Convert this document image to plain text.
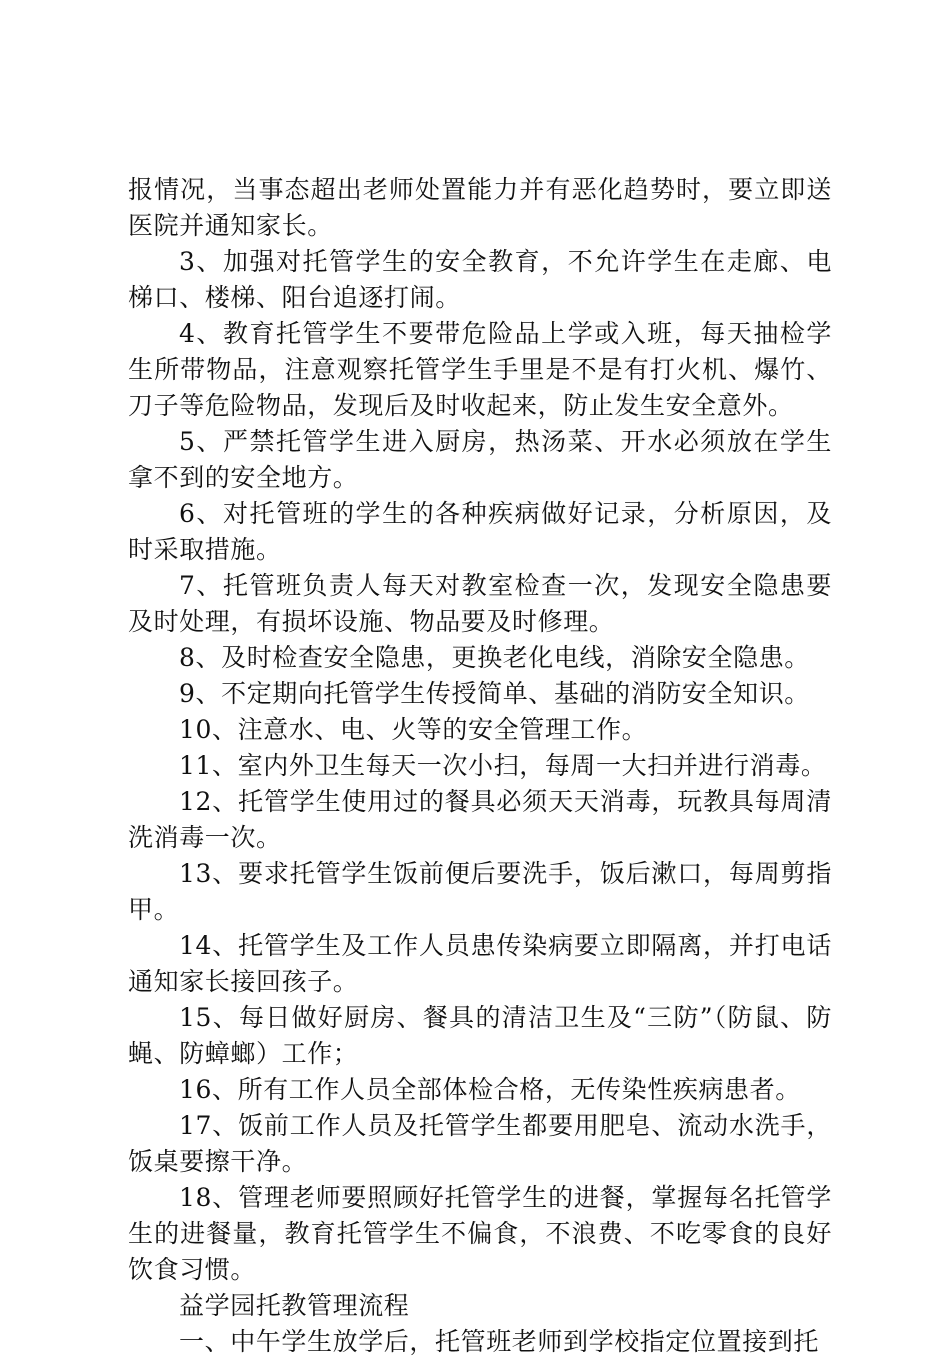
报情况，当事态超出老师处置能力并有恶化趋势时，要立即送医院并通知家长。

3、加强对托管学生的安全教育，不允许学生在走廊、电梯口、楼梯、阳台追逐打闹。

4、教育托管学生不要带危险品上学或入班，每天抽检学生所带物品，注意观察托管学生手里是不是有打火机、爆竹、刀子等危险物品，发现后及时收起来，防止发生安全意外。

5、严禁托管学生进入厨房，热汤菜、开水必须放在学生拿不到的安全地方。

6、对托管班的学生的各种疾病做好记录，分析原因，及时采取措施。

7、托管班负责人每天对教室检查一次，发现安全隐患要及时处理，有损坏设施、物品要及时修理。

8、及时检查安全隐患，更换老化电线，消除安全隐患。

9、不定期向托管学生传授简单、基础的消防安全知识。

10、注意水、电、火等的安全管理工作。

11、室内外卫生每天一次小扫，每周一大扫并进行消毒。

12、托管学生使用过的餐具必须天天消毒，玩教具每周清洗消毒一次。

13、要求托管学生饭前便后要洗手，饭后漱口，每周剪指甲。

14、托管学生及工作人员患传染病要立即隔离，并打电话通知家长接回孩子。

15、每日做好厨房、餐具的清洁卫生及“三防”（防鼠、防蝇、防蟑螂）工作；

16、所有工作人员全部体检合格，无传染性疾病患者。

17、饭前工作人员及托管学生都要用肥皂、流动水洗手，饭桌要擦干净。

18、管理老师要照顾好托管学生的进餐，掌握每名托管学生的进餐量，教育托管学生不偏食，不浪费、不吃零食的良好饮食习惯。

益学园托教管理流程

一、中午学生放学后，托管班老师到学校指定位置接到托
